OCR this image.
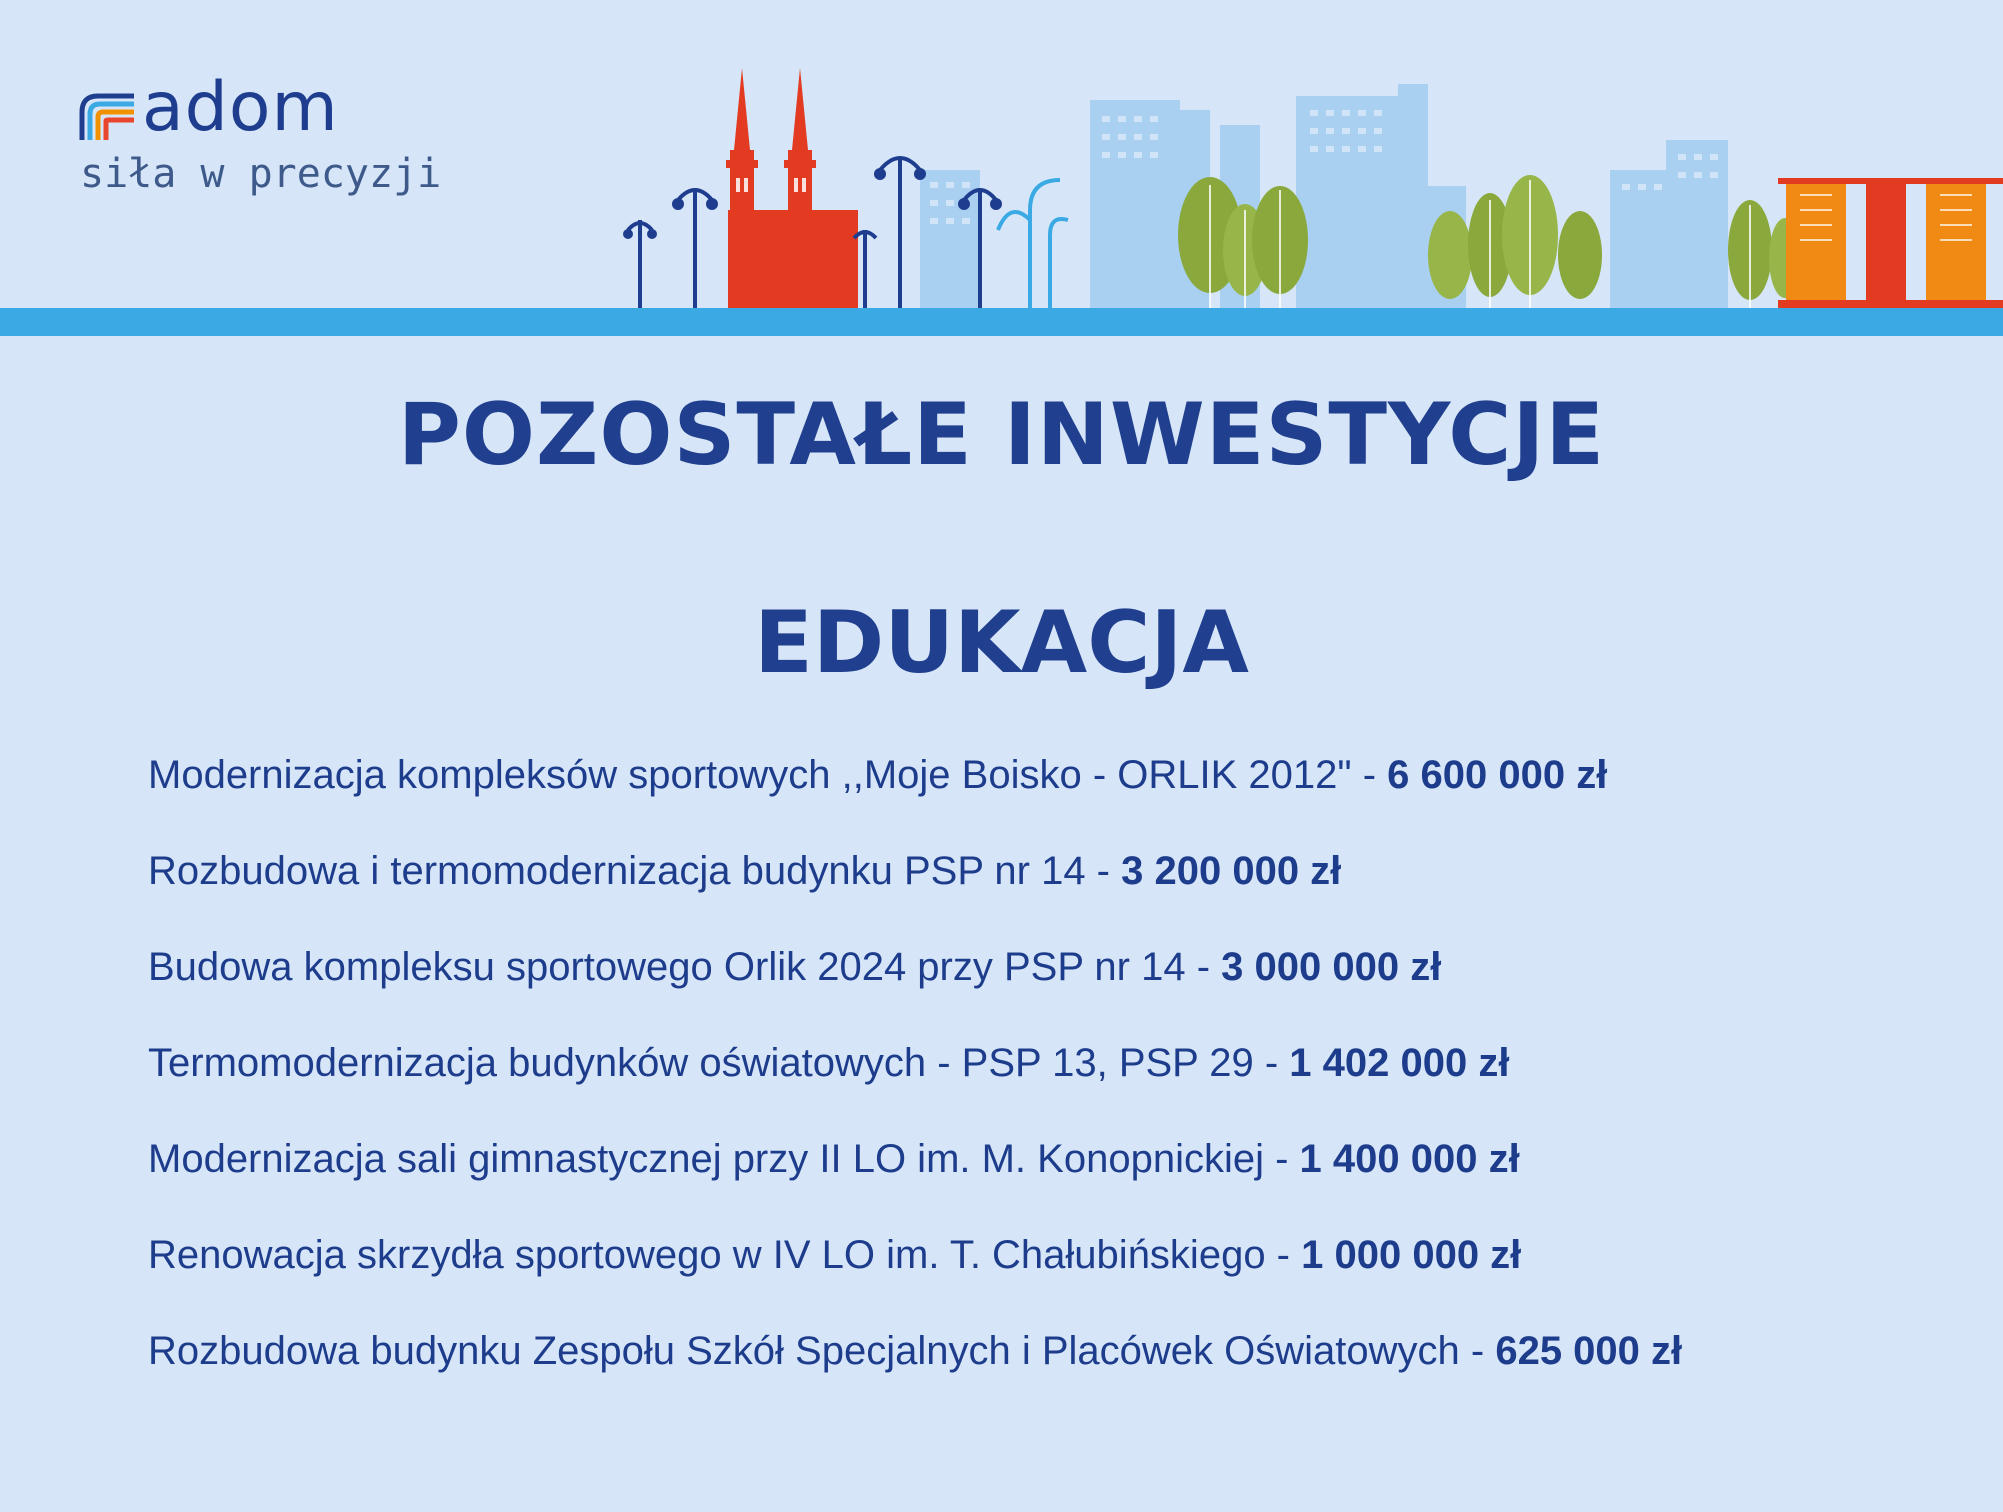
adom
siła w precyzji
POZOSTAŁE INWESTYCJE
EDUKACJA
Modernizacja kompleksów sportowych ,,Moje Boisko - ORLIK 2012" - 6 600 000 zł
Rozbudowa i termomodernizacja budynku PSP nr 14 - 3 200 000 zł
Budowa kompleksu sportowego Orlik 2024 przy PSP nr 14 - 3 000 000 zł
Termomodernizacja budynków oświatowych - PSP 13, PSP 29 - 1 402 000 zł
Modernizacja sali gimnastycznej przy II LO im. M. Konopnickiej - 1 400 000 zł
Renowacja skrzydła sportowego w IV LO im. T. Chałubińskiego - 1 000 000 zł
Rozbudowa budynku Zespołu Szkół Specjalnych i Placówek Oświatowych - 625 000 zł
